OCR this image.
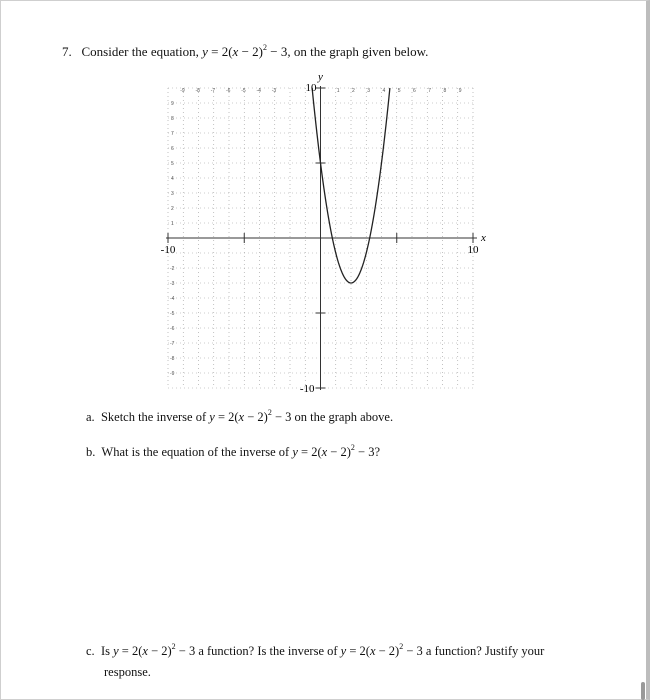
7. Consider the equation, $y = 2(x - 2)^2 - 3$, on the graph given below.
1 2 3 4 5 6 7 8 9
-9 -8 -7 -6 -5 -4 -3
1
2
3
4
5
6
7
8
9
-9
-8
-7
-6
-5
-4
-3
-2
y
x
10
-10
-10	10
a. Sketch the inverse of $y = 2(x - 2)^2 - 3$ on the graph above.
b. What is the equation of the inverse of $y = 2(x - 2)^2 - 3$?
c. Is $y = 2(x - 2)^2 - 3$ a function? Is the inverse of $y = 2(x - 2)^2 - 3$ a function? Justify your
response.
